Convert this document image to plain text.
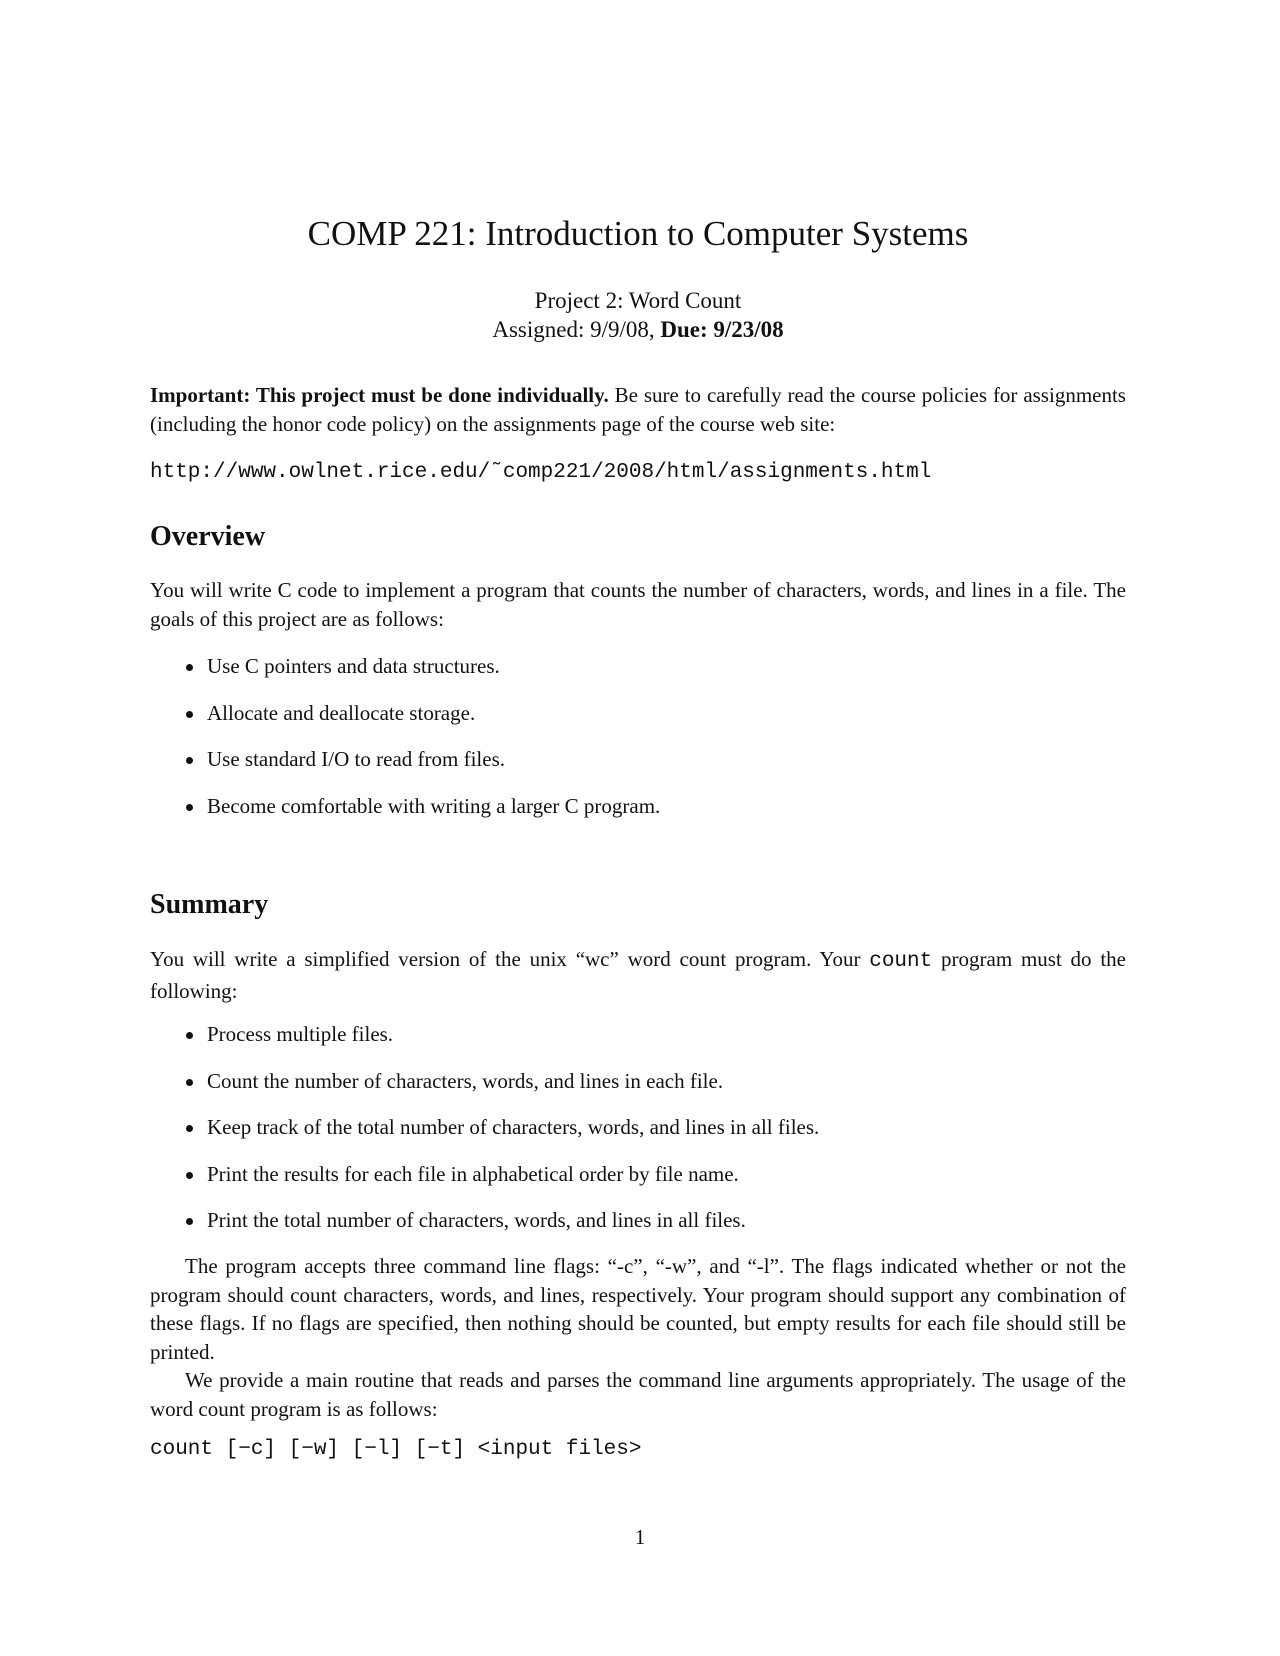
COMP 221: Introduction to Computer Systems
Project 2: Word Count
Assigned: 9/9/08, Due: 9/23/08

Important: This project must be done individually. Be sure to carefully read the course policies for assignments (including the honor code policy) on the assignments page of the course web site:

http://www.owlnet.rice.edu/˜comp221/2008/html/assignments.html
Overview

You will write C code to implement a program that counts the number of characters, words, and lines in a file. The goals of this project are as follows:

Use C pointers and data structures.
Allocate and deallocate storage.
Use standard I/O to read from files.
Become comfortable with writing a larger C program.
Summary

You will write a simplified version of the unix “wc” word count program. Your count program must do the following:

Process multiple files.
Count the number of characters, words, and lines in each file.
Keep track of the total number of characters, words, and lines in all files.
Print the results for each file in alphabetical order by file name.
Print the total number of characters, words, and lines in all files.

The program accepts three command line flags: “-c”, “-w”, and “-l”. The flags indicated whether or not the program should count characters, words, and lines, respectively. Your program should support any combination of these flags. If no flags are specified, then nothing should be counted, but empty results for each file should still be printed.

We provide a main routine that reads and parses the command line arguments appropriately. The usage of the word count program is as follows:

count [−c] [−w] [−l] [−t] <input files>
1
